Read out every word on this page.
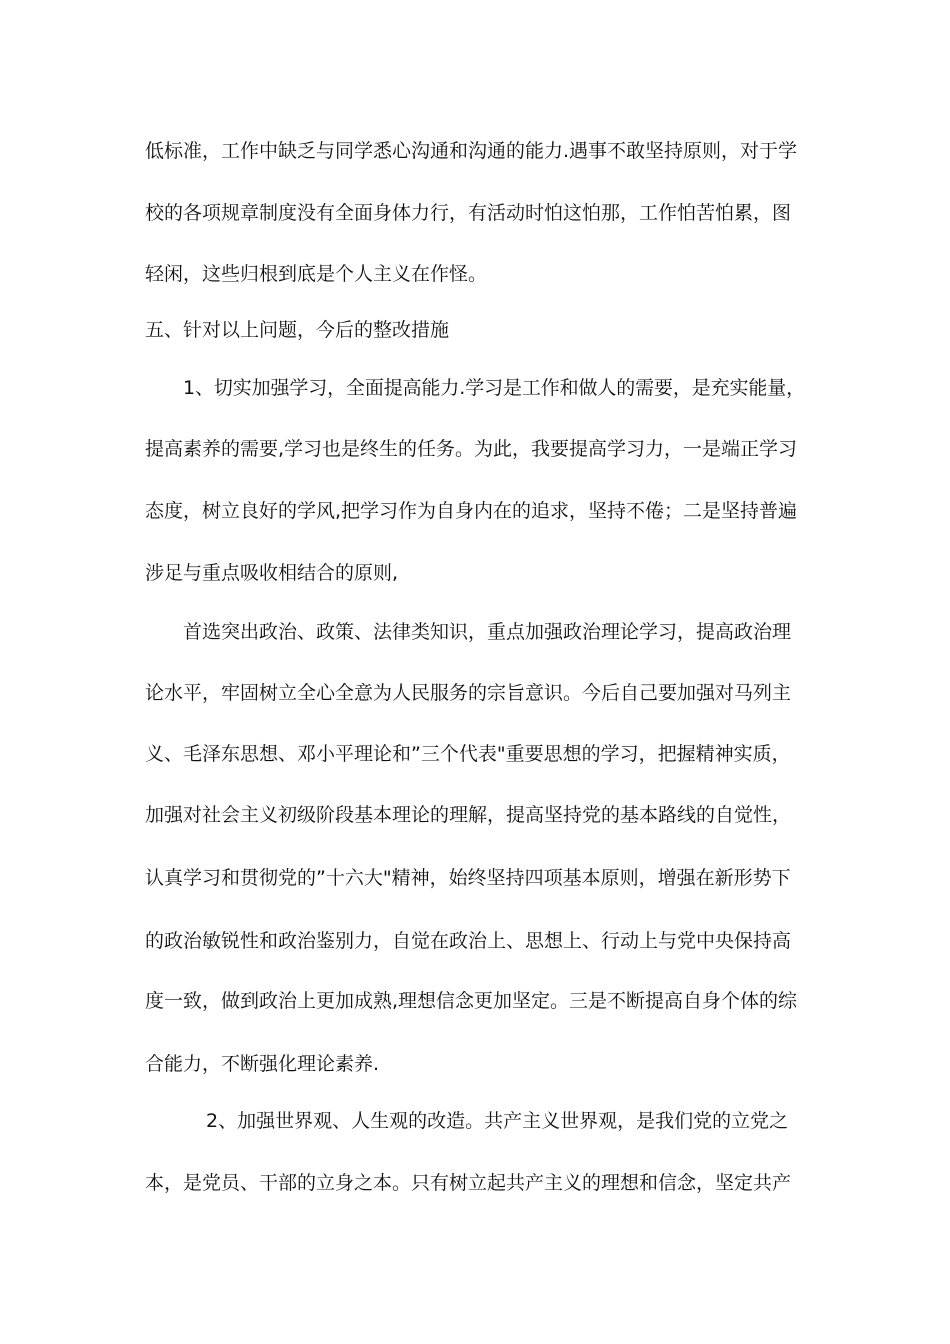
低标准，工作中缺乏与同学悉心沟通和沟通的能力.遇事不敢坚持原则，对于学
校的各项规章制度没有全面身体力行，有活动时怕这怕那，工作怕苦怕累，图
轻闲，这些归根到底是个人主义在作怪。
五、针对以上问题，今后的整改措施
1、切实加强学习，全面提高能力.学习是工作和做人的需要，是充实能量，
提高素养的需要,学习也是终生的任务。为此，我要提高学习力，一是端正学习
态度，树立良好的学风,把学习作为自身内在的追求，坚持不倦；二是坚持普遍
涉足与重点吸收相结合的原则,
首选突出政治、政策、法律类知识，重点加强政治理论学习，提高政治理
论水平，牢固树立全心全意为人民服务的宗旨意识。今后自己要加强对马列主
义、毛泽东思想、邓小平理论和”三个代表"重要思想的学习，把握精神实质，
加强对社会主义初级阶段基本理论的理解，提高坚持党的基本路线的自觉性，
认真学习和贯彻党的”十六大"精神，始终坚持四项基本原则，增强在新形势下
的政治敏锐性和政治鉴别力，自觉在政治上、思想上、行动上与党中央保持高
度一致，做到政治上更加成熟,理想信念更加坚定。三是不断提高自身个体的综
合能力，不断强化理论素养.
2、加强世界观、人生观的改造。共产主义世界观，是我们党的立党之
本，是党员、干部的立身之本。只有树立起共产主义的理想和信念，坚定共产
